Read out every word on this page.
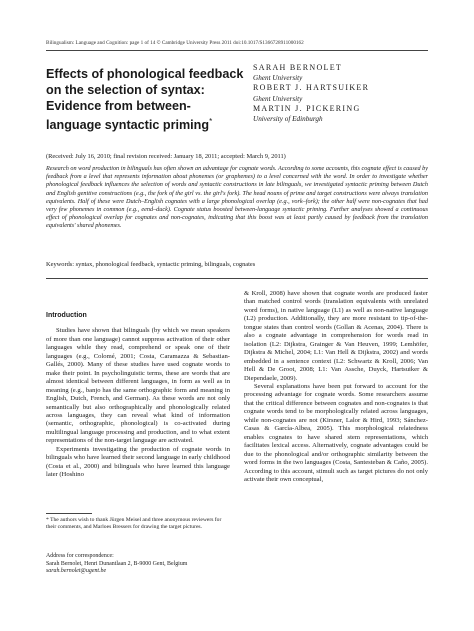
Bilingualism: Language and Cognition: page 1 of 14 © Cambridge University Press 2011 doi:10.1017/S1366728911000162
Effects of phonological feedback on the selection of syntax: Evidence from between-language syntactic priming*
SARAH BERNOLET
Ghent University
ROBERT J. HARTSUIKER
Ghent University
MARTIN J. PICKERING
University of Edinburgh
(Received: July 16, 2010; final revision received: January 18, 2011; accepted: March 9, 2011)

Research on word production in bilinguals has often shown an advantage for cognate words. According to some accounts, this cognate effect is caused by feedback from a level that represents information about phonemes (or graphemes) to a level concerned with the word. In order to investigate whether phonological feedback influences the selection of words and syntactic constructions in late bilinguals, we investigated syntactic priming between Dutch and English genitive constructions (e.g., the fork of the girl vs. the girl's fork). The head nouns of prime and target constructions were always translation equivalents. Half of these were Dutch–English cognates with a large phonological overlap (e.g., vork–fork); the other half were non-cognates that had very few phonemes in common (e.g., eend–duck). Cognate status boosted between-language syntactic priming. Further analyses showed a continuous effect of phonological overlap for cognates and non-cognates, indicating that this boost was at least partly caused by feedback from the translation equivalents' shared phonemes.

Keywords: syntax, phonological feedback, syntactic priming, bilinguals, cognates
Introduction

Studies have shown that bilinguals (by which we mean speakers of more than one language) cannot suppress activation of their other languages while they read, comprehend or speak one of their languages (e.g., Colomé, 2001; Costa, Caramazza & Sebastian-Gallés, 2000). Many of these studies have used cognate words to make their point. In psycholinguistic terms, these are words that are almost identical between different languages, in form as well as in meaning (e.g., banjo has the same orthographic form and meaning in English, Dutch, French, and German). As these words are not only semantically but also orthographically and phonologically related across languages, they can reveal what kind of information (semantic, orthographic, phonological) is co-activated during multilingual language processing and production, and to what extent representations of the non-target language are activated.

Experiments investigating the production of cognate words in bilinguals who have learned their second language in early childhood (Costa et al., 2000) and bilinguals who have learned this language later (Hoshino

& Kroll, 2008) have shown that cognate words are produced faster than matched control words (translation equivalents with unrelated word forms), in native language (L1) as well as non-native language (L2) production. Additionally, they are more resistant to tip-of-the-tongue states than control words (Gollan & Acenas, 2004). There is also a cognate advantage in comprehension for words read in isolation (L2: Dijkstra, Grainger & Van Heuven, 1999; Lemhöfer, Dijkstra & Michel, 2004; L1: Van Hell & Dijkstra, 2002) and words embedded in a sentence context (L2: Schwartz & Kroll, 2006; Van Hell & De Groot, 2008; L1: Van Assche, Duyck, Hartsuiker & Diependaele, 2009).

Several explanations have been put forward to account for the processing advantage for cognate words. Some researchers assume that the critical difference between cognates and non-cognates is that cognate words tend to be morphologically related across languages, while non-cognates are not (Kirsner, Lalor & Hird, 1993; Sánchez-Casas & García-Albea, 2005). This morphological relatedness enables cognates to have shared stem representations, which facilitates lexical access. Alternatively, cognate advantages could be due to the phonological and/or orthographic similarity between the word forms in the two languages (Costa, Santesteban & Caño, 2005). According to this account, stimuli such as target pictures do not only activate their own conceptual,

* The authors wish to thank Jürgen Meisel and three anonymous reviewers for their comments, and Marloes Bressers for drawing the target pictures.
Address for correspondence:
Sarah Bernolet, Henri Dunantlaan 2, B-9000 Gent, Belgium
sarah.bernolet@ugent.be
